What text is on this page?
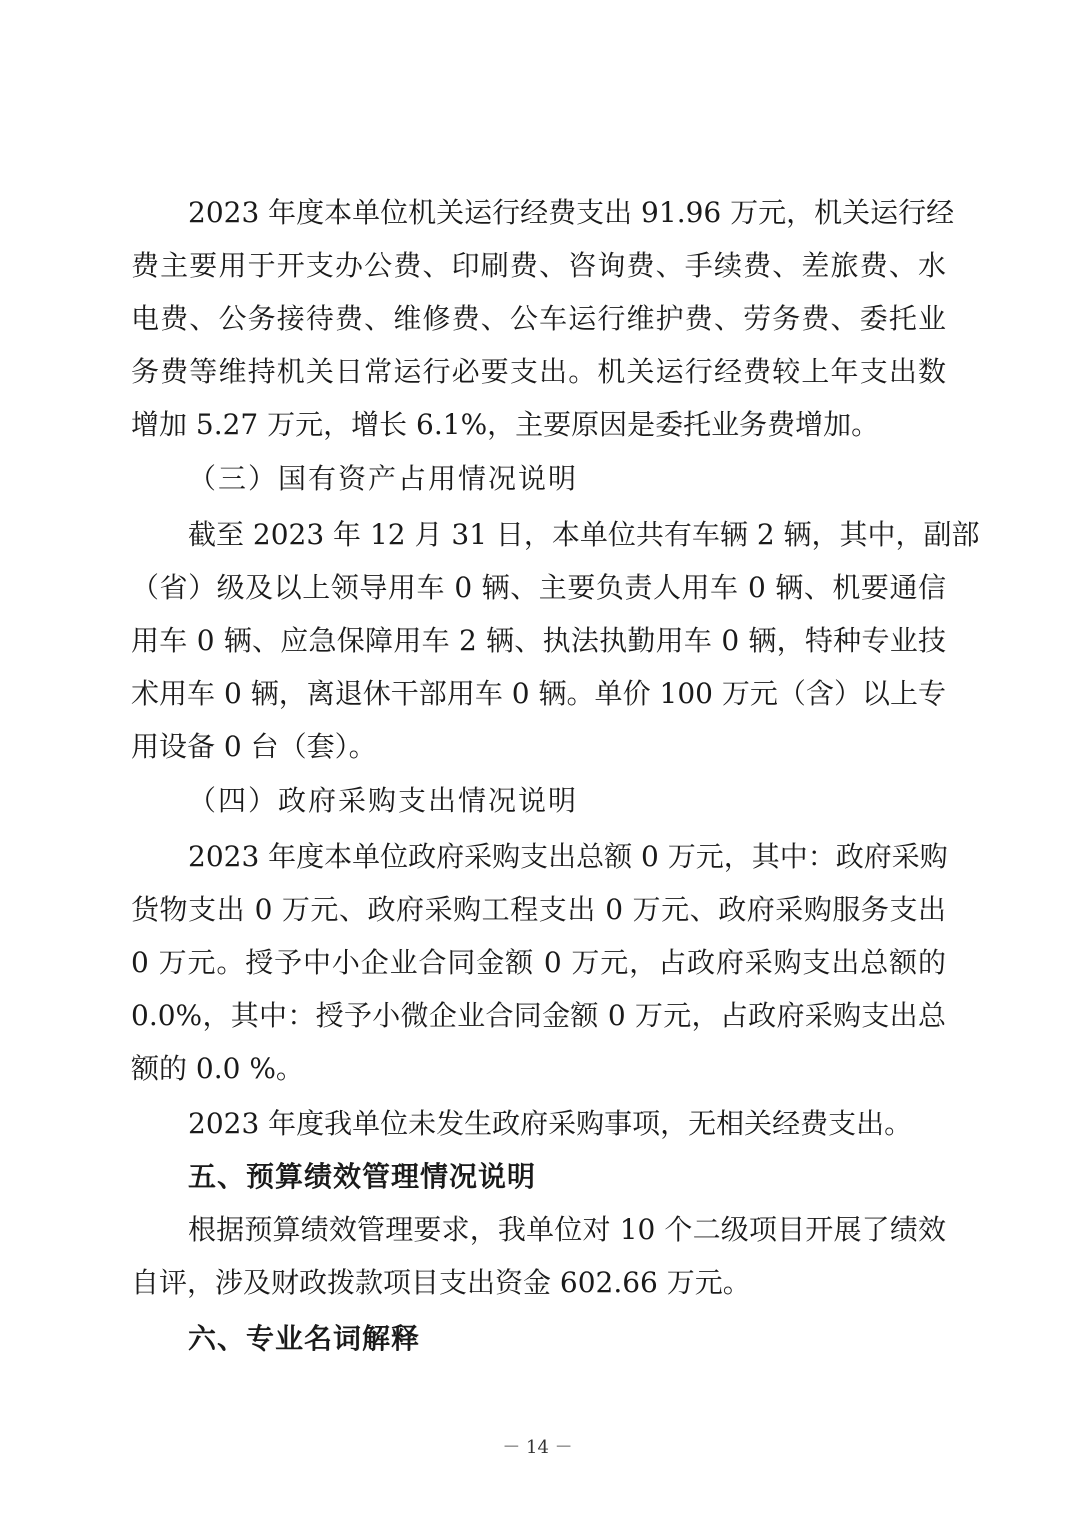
2023 年度本单位机关运行经费支出 91.96 万元，机关运行经
费主要用于开支办公费、印刷费、咨询费、手续费、差旅费、水
电费、公务接待费、维修费、公车运行维护费、劳务费、委托业
务费等维持机关日常运行必要支出。机关运行经费较上年支出数
增加 5.27 万元，增长 6.1%，主要原因是委托业务费增加。
（三）国有资产占用情况说明
截至 2023 年 12 月 31 日，本单位共有车辆 2 辆，其中，副部
（省）级及以上领导用车 0 辆、主要负责人用车 0 辆、机要通信
用车 0 辆、应急保障用车 2 辆、执法执勤用车 0 辆，特种专业技
术用车 0 辆，离退休干部用车 0 辆。单价 100 万元（含）以上专
用设备 0 台（套）。
（四）政府采购支出情况说明
2023 年度本单位政府采购支出总额 0 万元，其中：政府采购
货物支出 0 万元、政府采购工程支出 0 万元、政府采购服务支出
0 万元。授予中小企业合同金额 0 万元，占政府采购支出总额的
0.0%，其中：授予小微企业合同金额 0 万元，占政府采购支出总
额的 0.0 %。
2023 年度我单位未发生政府采购事项，无相关经费支出。
五、预算绩效管理情况说明
根据预算绩效管理要求，我单位对 10 个二级项目开展了绩效
自评，涉及财政拨款项目支出资金 602.66 万元。
六、专业名词解释
－ 14 －
